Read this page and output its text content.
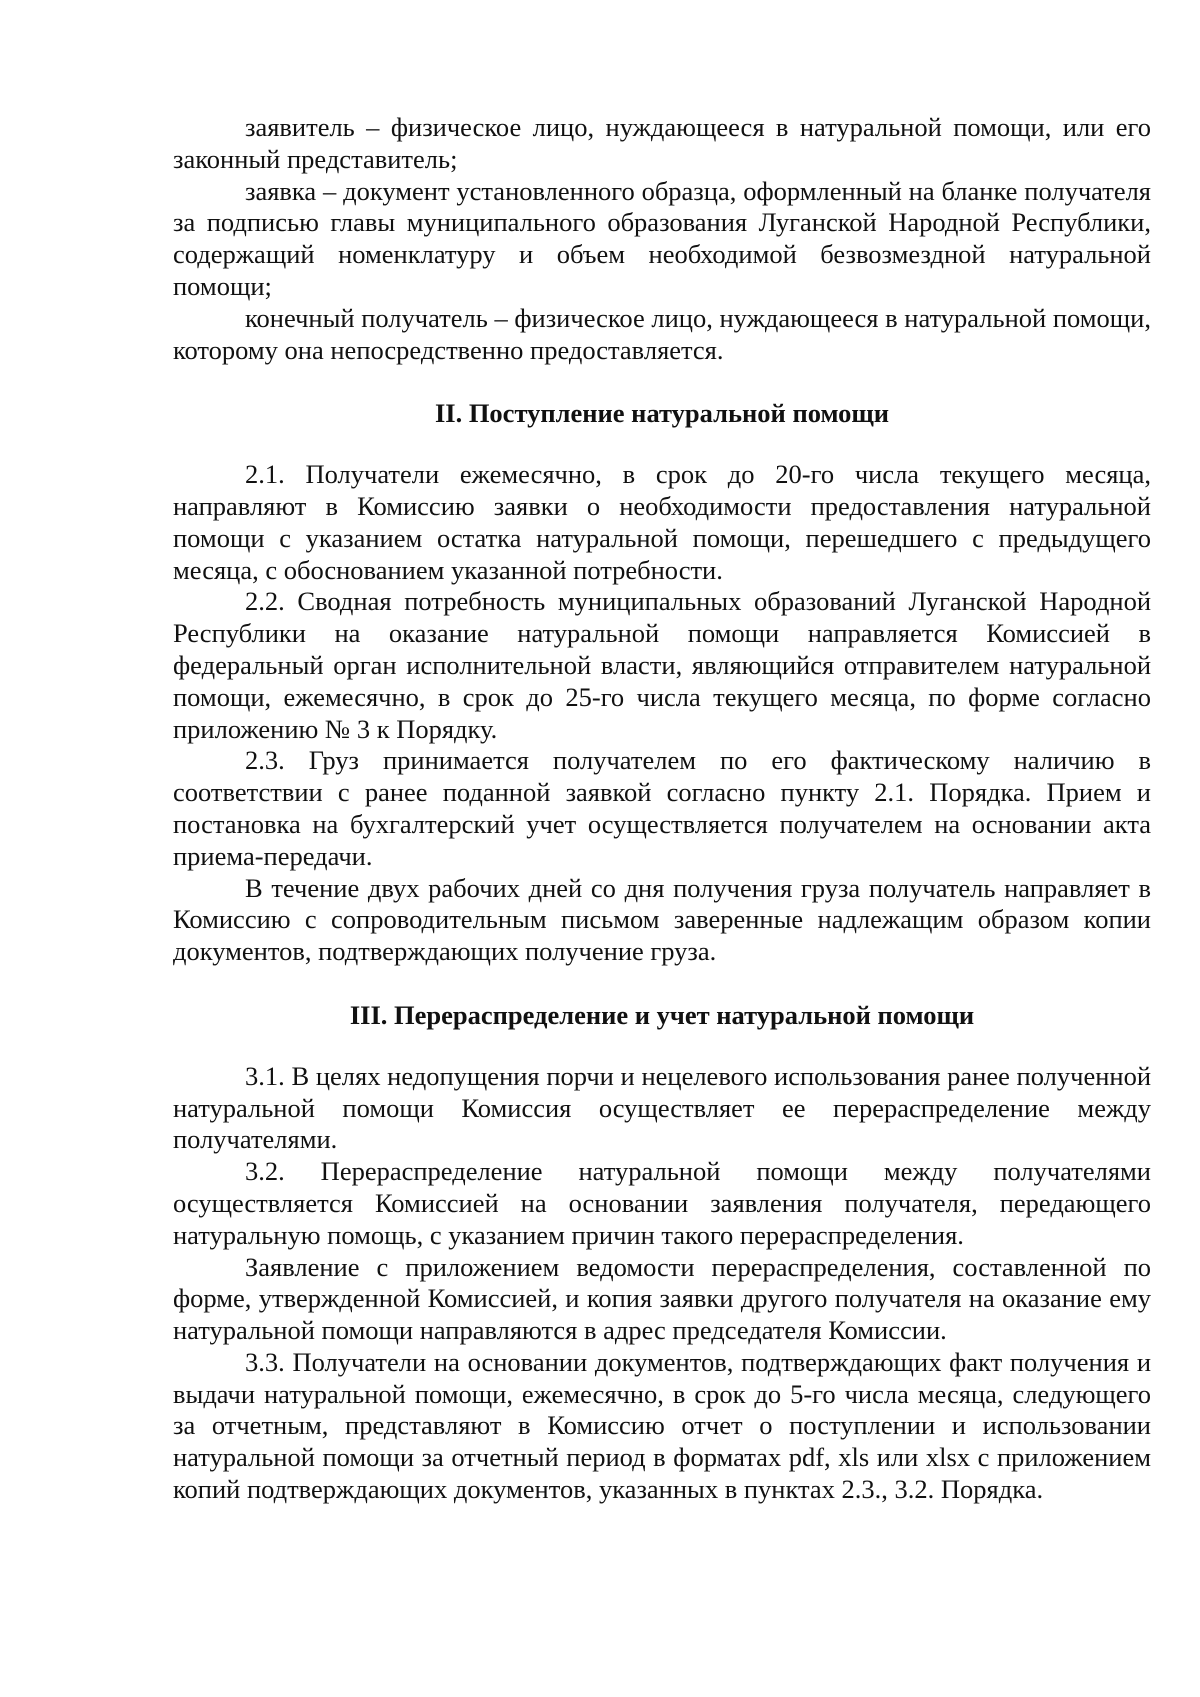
заявитель – физическое лицо, нуждающееся в натуральной помощи, или его законный представитель;

заявка – документ установленного образца, оформленный на бланке получателя за подписью главы муниципального образования Луганской Народной Республики, содержащий номенклатуру и объем необходимой безвозмездной натуральной помощи;

конечный получатель – физическое лицо, нуждающееся в натуральной помощи, которому она непосредственно предоставляется.

II. Поступление натуральной помощи

2.1. Получатели ежемесячно, в срок до 20-го числа текущего месяца, направляют в Комиссию заявки о необходимости предоставления натуральной помощи с указанием остатка натуральной помощи, перешедшего с предыдущего месяца, с обоснованием указанной потребности.

2.2. Сводная потребность муниципальных образований Луганской Народной Республики на оказание натуральной помощи направляется Комиссией в федеральный орган исполнительной власти, являющийся отправителем натуральной помощи, ежемесячно, в срок до 25-го числа текущего месяца, по форме согласно приложению № 3 к Порядку.

2.3. Груз принимается получателем по его фактическому наличию в соответствии с ранее поданной заявкой согласно пункту 2.1. Порядка. Прием и постановка на бухгалтерский учет осуществляется получателем на основании акта приема-передачи.

В течение двух рабочих дней со дня получения груза получатель направляет в Комиссию с сопроводительным письмом заверенные надлежащим образом копии документов, подтверждающих получение груза.

III. Перераспределение и учет натуральной помощи

3.1. В целях недопущения порчи и нецелевого использования ранее полученной натуральной помощи Комиссия осуществляет ее перераспределение между получателями.

3.2. Перераспределение натуральной помощи между получателями осуществляется Комиссией на основании заявления получателя, передающего натуральную помощь, с указанием причин такого перераспределения.

Заявление с приложением ведомости перераспределения, составленной по форме, утвержденной Комиссией, и копия заявки другого получателя на оказание ему натуральной помощи направляются в адрес председателя Комиссии.

3.3. Получатели на основании документов, подтверждающих факт получения и выдачи натуральной помощи, ежемесячно, в срок до 5-го числа месяца, следующего за отчетным, представляют в Комиссию отчет о поступлении и использовании натуральной помощи за отчетный период в форматах pdf, xls или xlsx с приложением копий подтверждающих документов, указанных в пунктах 2.3., 3.2. Порядка.
